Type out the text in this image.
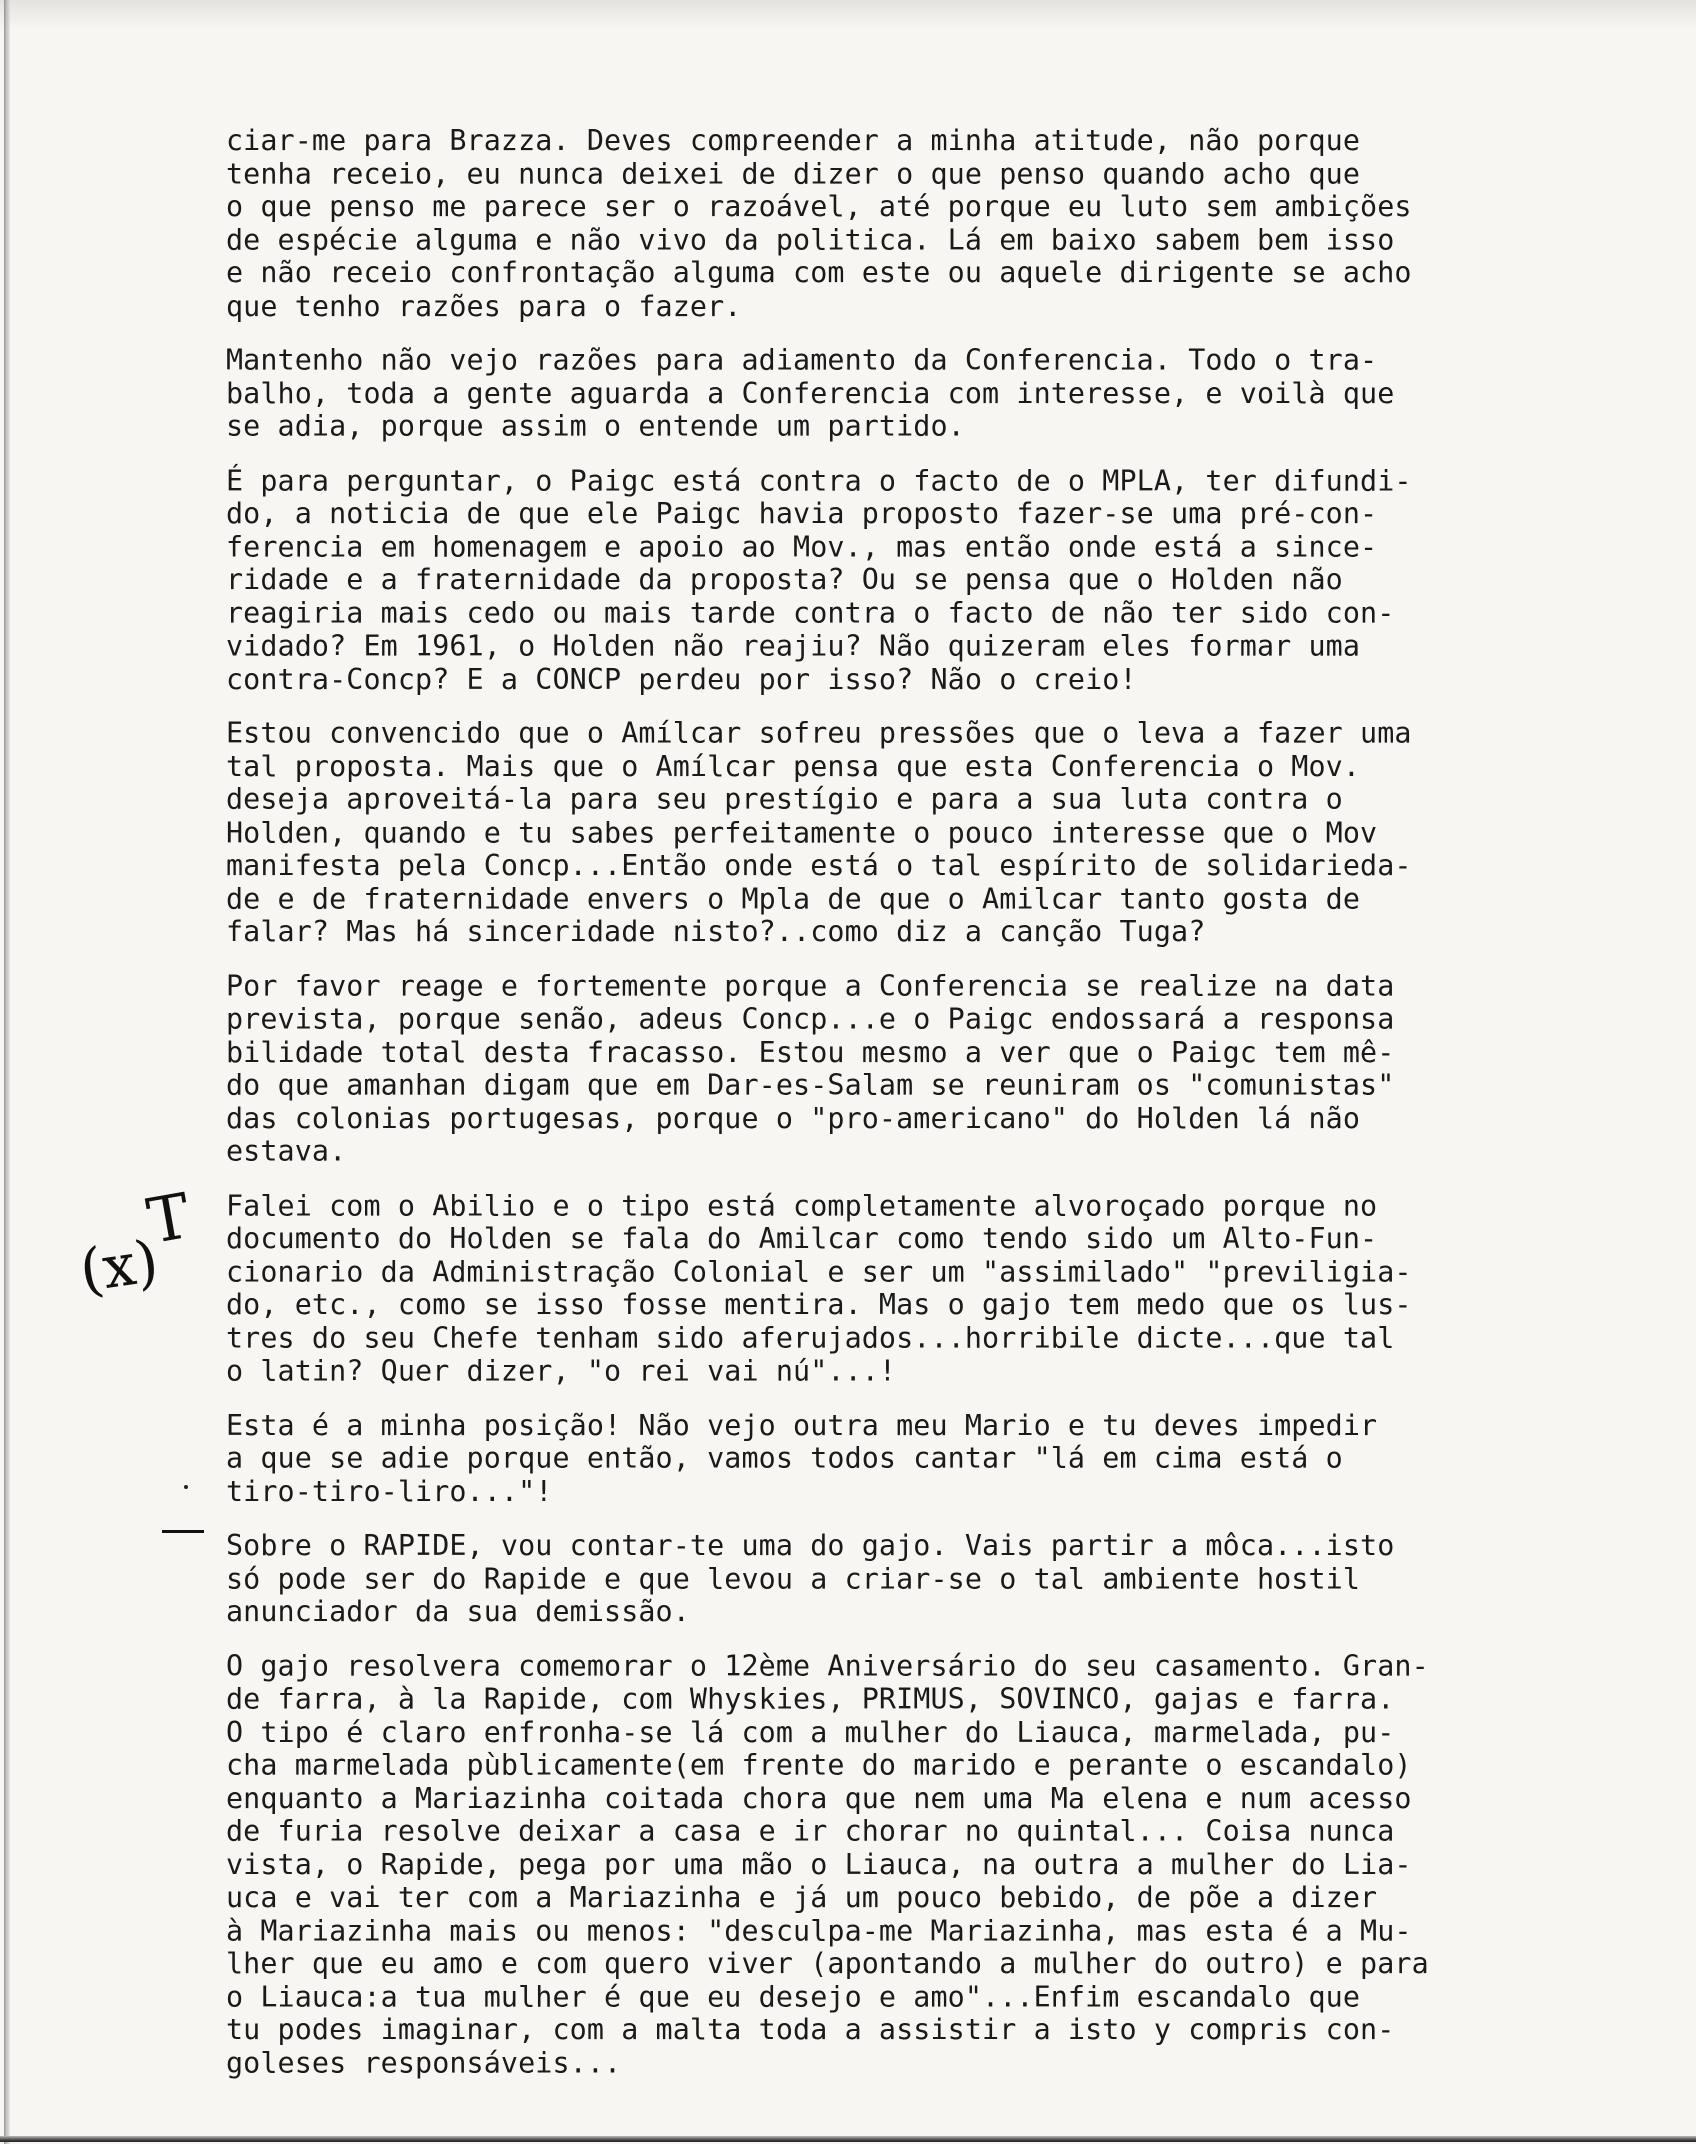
T
(x)
ciar-me para Brazza. Deves compreender a minha atitude, não porque
tenha receio, eu nunca deixei de dizer o que penso quando acho que
o que penso me parece ser o razoável, até porque eu luto sem ambições
de espécie alguma e não vivo da politica. Lá em baixo sabem bem isso
e não receio confrontação alguma com este ou aquele dirigente se acho
que tenho razões para o fazer.
Mantenho não vejo razões para adiamento da Conferencia. Todo o tra-
balho, toda a gente aguarda a Conferencia com interesse, e voilà que
se adia, porque assim o entende um partido.
É para perguntar, o Paigc está contra o facto de o MPLA, ter difundi-
do, a noticia de que ele Paigc havia proposto fazer-se uma pré-con-
ferencia em homenagem e apoio ao Mov., mas então onde está a since-
ridade e a fraternidade da proposta? Ou se pensa que o Holden não
reagiria mais cedo ou mais tarde contra o facto de não ter sido con-
vidado? Em 1961, o Holden não reajiu? Não quizeram eles formar uma
contra-Concp? E a CONCP perdeu por isso? Não o creio!
Estou convencido que o Amílcar sofreu pressões que o leva a fazer uma
tal proposta. Mais que o Amílcar pensa que esta Conferencia o Mov.
deseja aproveitá-la para seu prestígio e para a sua luta contra o
Holden, quando e tu sabes perfeitamente o pouco interesse que o Mov
manifesta pela Concp...Então onde está o tal espírito de solidarieda-
de e de fraternidade envers o Mpla de que o Amilcar tanto gosta de
falar? Mas há sinceridade nisto?..como diz a canção Tuga?
Por favor reage e fortemente porque a Conferencia se realize na data
prevista, porque senão, adeus Concp...e o Paigc endossará a responsa
bilidade total desta fracasso. Estou mesmo a ver que o Paigc tem mê-
do que amanhan digam que em Dar-es-Salam se reuniram os "comunistas"
das colonias portugesas, porque o "pro-americano" do Holden lá não
estava.
Falei com o Abilio e o tipo está completamente alvoroçado porque no
documento do Holden se fala do Amilcar como tendo sido um Alto-Fun-
cionario da Administração Colonial e ser um "assimilado" "previligia-
do, etc., como se isso fosse mentira. Mas o gajo tem medo que os lus-
tres do seu Chefe tenham sido aferujados...horribile dicte...que tal
o latin? Quer dizer, "o rei vai nú"...!
Esta é a minha posição! Não vejo outra meu Mario e tu deves impedir
a que se adie porque então, vamos todos cantar "lá em cima está o
tiro-tiro-liro..."!
Sobre o RAPIDE, vou contar-te uma do gajo. Vais partir a môca...isto
só pode ser do Rapide e que levou a criar-se o tal ambiente hostil
anunciador da sua demissão.
O gajo resolvera comemorar o 12ème Aniversário do seu casamento. Gran-
de farra, à la Rapide, com Whyskies, PRIMUS, SOVINCO, gajas e farra.
O tipo é claro enfronha-se lá com a mulher do Liauca, marmelada, pu-
cha marmelada pùblicamente(em frente do marido e perante o escandalo)
enquanto a Mariazinha coitada chora que nem uma Ma elena e num acesso
de furia resolve deixar a casa e ir chorar no quintal... Coisa nunca
vista, o Rapide, pega por uma mão o Liauca, na outra a mulher do Lia-
uca e vai ter com a Mariazinha e já um pouco bebido, de põe a dizer
à Mariazinha mais ou menos: "desculpa-me Mariazinha, mas esta é a Mu-
lher que eu amo e com quero viver (apontando a mulher do outro) e para
o Liauca:a tua mulher é que eu desejo e amo"...Enfim escandalo que
tu podes imaginar, com a malta toda a assistir a isto y compris con-
goleses responsáveis...
